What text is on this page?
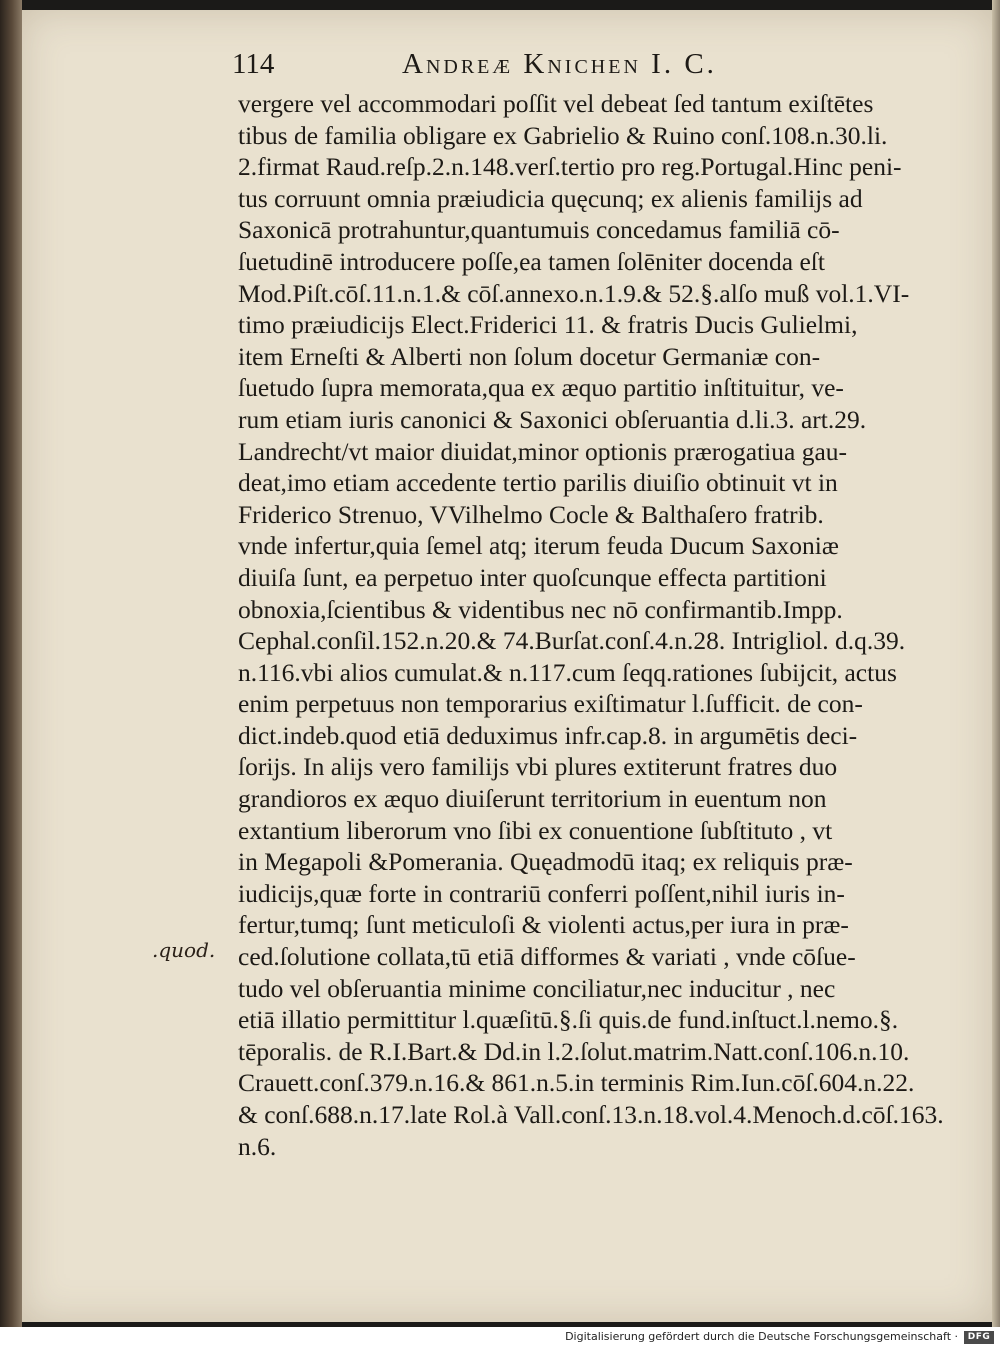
114	Andreæ Knichen I. C.
vergere vel accommodari poſſit vel debeat ſed tantum exiſtētes
tibus de familia obligare ex Gabrielio & Ruino conſ.108.n.30.li.
2.firmat Raud.reſp.2.n.148.verſ.tertio pro reg.Portugal.Hinc peni-
tus corruunt omnia præiudicia quęcunq; ex alienis familijs ad
Saxonicā protrahuntur,quantumuis concedamus familiā cō-
ſuetudinē introducere poſſe,ea tamen ſolēniter docenda eſt
Mod.Piſt.cōſ.11.n.1.& cōſ.annexo.n.1.9.& 52.§.alſo muß vol.1.VI-
timo præiudicijs Elect.Friderici 11. & fratris Ducis Gulielmi,
item Erneſti & Alberti non ſolum docetur Germaniæ con-
ſuetudo ſupra memorata,qua ex æquo partitio inſtituitur, ve-
rum etiam iuris canonici & Saxonici obſeruantia d.li.3. art.29.
Landrecht/vt maior diuidat,minor optionis prærogatiua gau-
deat,imo etiam accedente tertio parilis diuiſio obtinuit vt in
Friderico Strenuo, VVilhelmo Cocle & Balthaſero fratrib.
vnde infertur,quia ſemel atq; iterum feuda Ducum Saxoniæ
diuiſa ſunt, ea perpetuo inter quoſcunque effecta partitioni
obnoxia,ſcientibus & videntibus nec nō confirmantib.Impp.
Cephal.conſil.152.n.20.& 74.Burſat.conſ.4.n.28. Intrigliol. d.q.39.
n.116.vbi alios cumulat.& n.117.cum ſeqq.rationes ſubijcit, actus
enim perpetuus non temporarius exiſtimatur l.ſufficit. de con-
dict.indeb.quod etiā deduximus infr.cap.8. in argumētis deci-
ſorijs. In alijs vero familijs vbi plures extiterunt fratres duo
grandioros ex æquo diuiſerunt territorium in euentum non
extantium liberorum vno ſibi ex conuentione ſubſtituto , vt
in Megapoli &Pomerania. Quęadmodū itaq; ex reliquis præ-
iudicijs,quæ forte in contrariū conferri poſſent,nihil iuris in-
fertur,tumq; ſunt meticuloſi & violenti actus,per iura in præ-
ced.ſolutione collata,tū etiā difformes & variati , vnde cōſue-
tudo vel obſeruantia minime conciliatur,nec inducitur , nec
etiā illatio permittitur l.quæſitū.§.ſi quis.de fund.inſtuct.l.nemo.§.
tēporalis. de R.I.Bart.& Dd.in l.2.ſolut.matrim.Natt.conſ.106.n.10.
Crauett.conſ.379.n.16.& 861.n.5.in terminis Rim.Iun.cōſ.604.n.22.
& conſ.688.n.17.late Rol.à Vall.conſ.13.n.18.vol.4.Menoch.d.cōſ.163.
n.6.
.quod.
Digitalisierung gefördert durch die Deutsche Forschungsgemeinschaft ·	DFG
